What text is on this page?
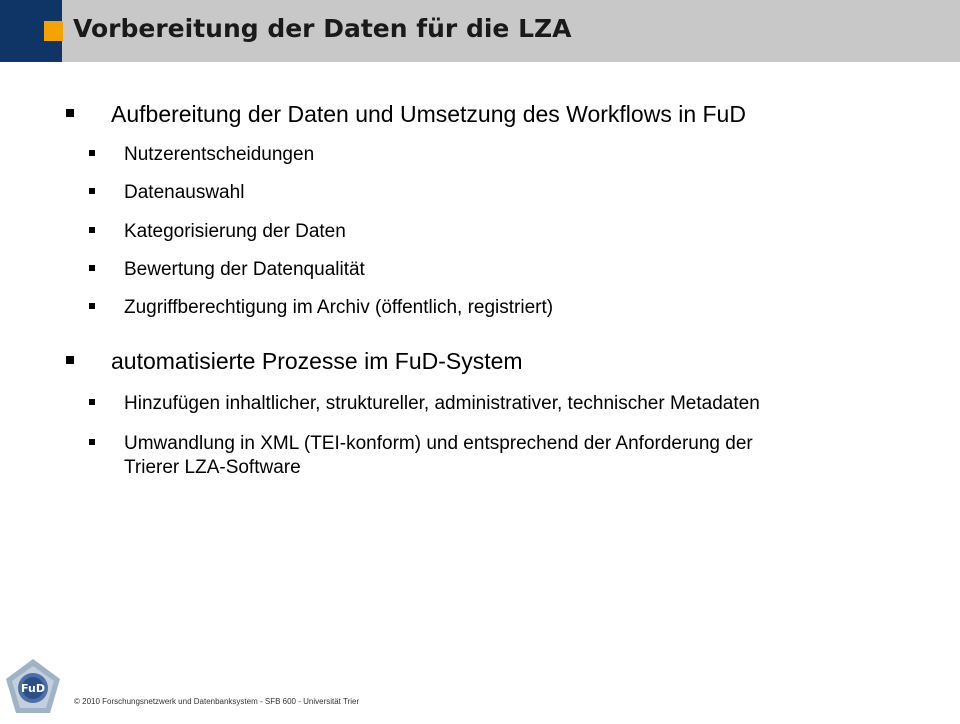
Vorbereitung der Daten für die LZA
Aufbereitung der Daten und Umsetzung des Workflows in FuD
Nutzerentscheidungen
Datenauswahl
Kategorisierung der Daten
Bewertung der Datenqualität
Zugriffberechtigung im Archiv (öffentlich, registriert)
automatisierte Prozesse im FuD-System
Hinzufügen inhaltlicher, struktureller, administrativer, technischer Metadaten
Umwandlung in XML (TEI-konform) und entsprechend der Anforderung der
Trierer LZA-Software
FuD
© 2010 Forschungsnetzwerk und Datenbanksystem - SFB 600 - Universität Trier
